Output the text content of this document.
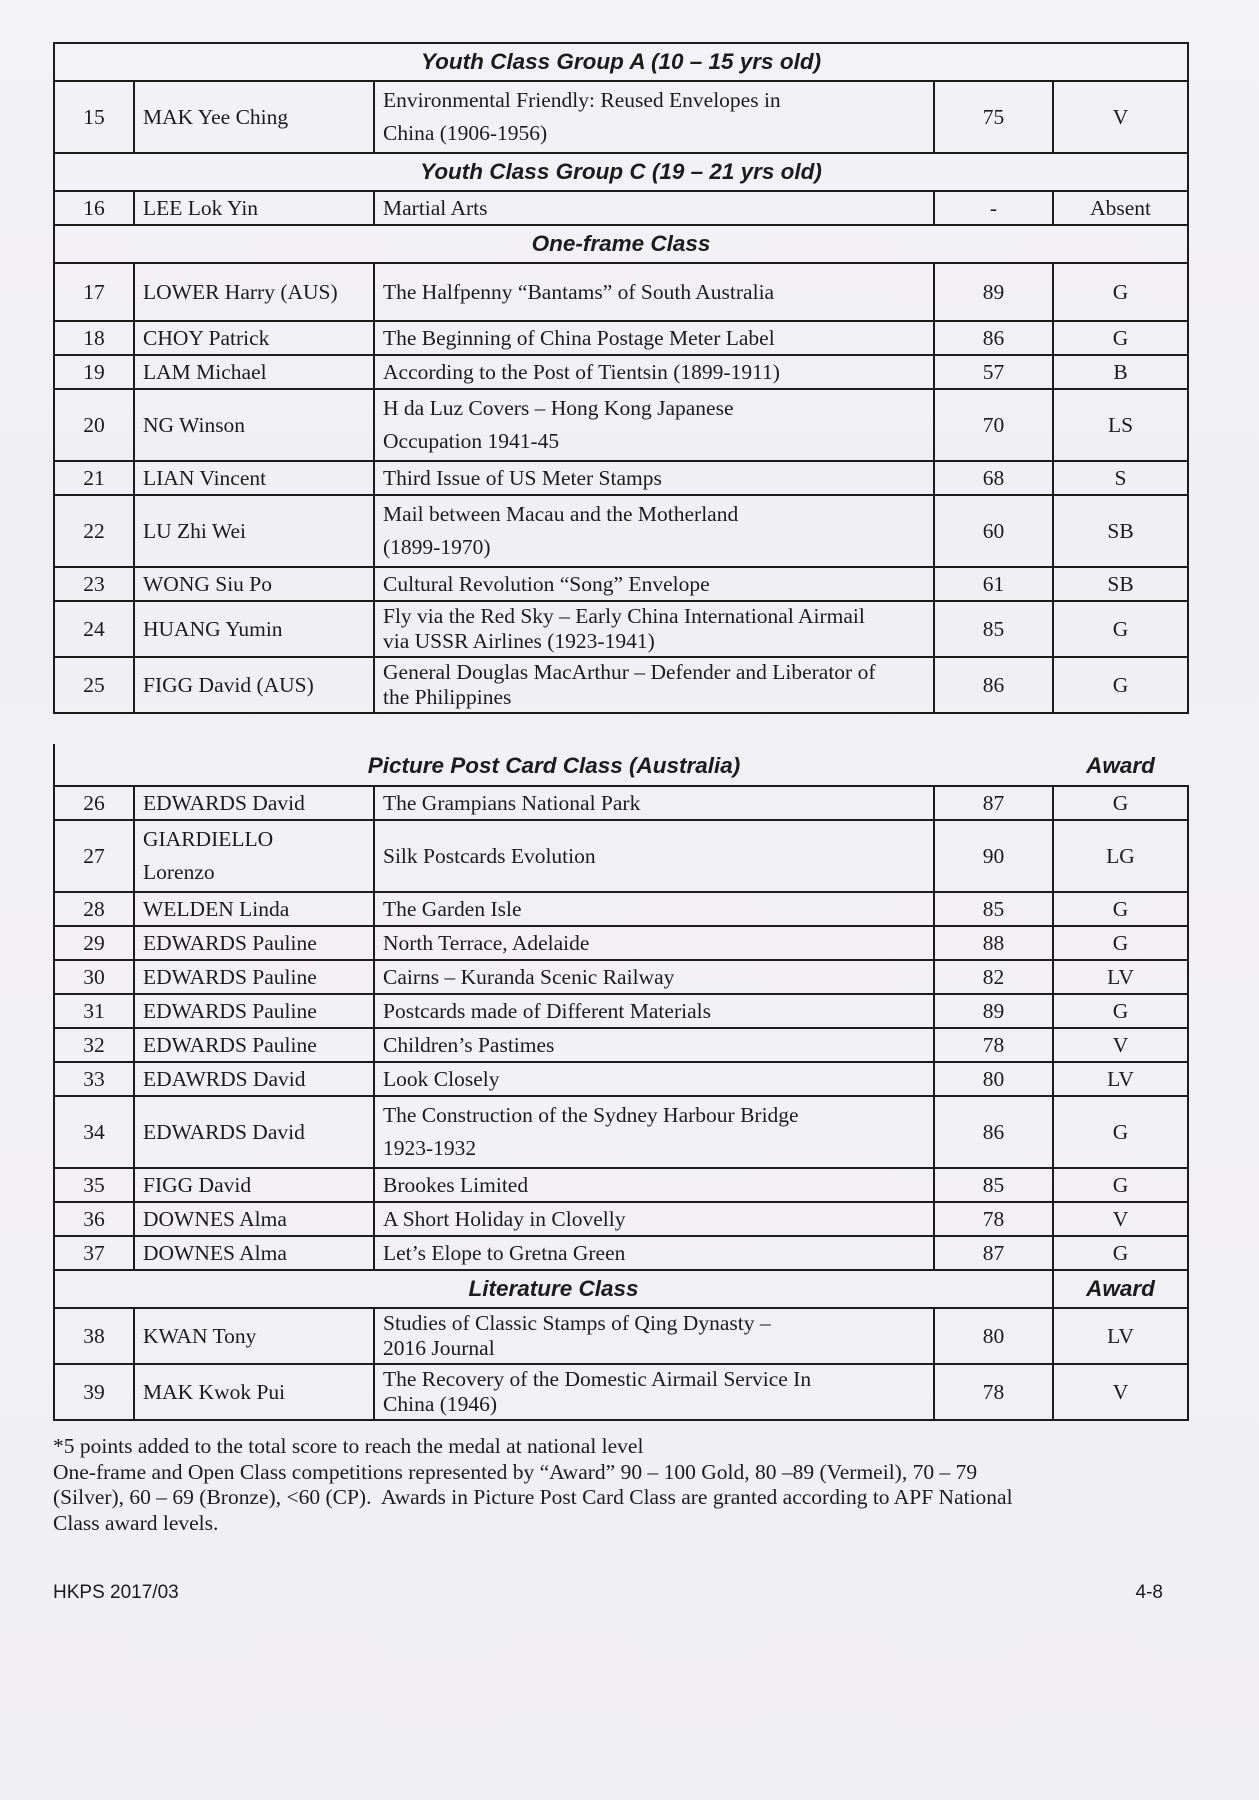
Youth Class Group A (10 – 15 yrs old)				

15	MAK Yee Ching	Environmental Friendly: Reused Envelopes in
China (1906-1956)	75	V

Youth Class Group C (19 – 21 yrs old)				

16	LEE Lok Yin	Martial Arts	-	Absent

One-frame Class				

17	LOWER Harry (AUS)	The Halfpenny “Bantams” of South Australia	89	G

18	CHOY Patrick	The Beginning of China Postage Meter Label	86	G

19	LAM Michael	According to the Post of Tientsin (1899-1911)	57	B

20	NG Winson	H da Luz Covers – Hong Kong Japanese
Occupation 1941-45	70	LS

21	LIAN Vincent	Third Issue of US Meter Stamps	68	S

22	LU Zhi Wei	Mail between Macau and the Motherland
(1899-1970)	60	SB

23	WONG Siu Po	Cultural Revolution “Song” Envelope	61	SB

24	HUANG Yumin	Fly via the Red Sky – Early China International Airmail
via USSR Airlines (1923-1941)	85	G

25	FIGG David (AUS)	General Douglas MacArthur – Defender and Liberator of
the Philippines	86	G
Picture Post Card Class (Australia)				Award

26	EDWARDS David	The Grampians National Park	87	G

27	GIARDIELLO
Lorenzo	Silk Postcards Evolution	90	LG

28	WELDEN Linda	The Garden Isle	85	G

29	EDWARDS Pauline	North Terrace, Adelaide	88	G

30	EDWARDS Pauline	Cairns – Kuranda Scenic Railway	82	LV

31	EDWARDS Pauline	Postcards made of Different Materials	89	G

32	EDWARDS Pauline	Children’s Pastimes	78	V

33	EDAWRDS David	Look Closely	80	LV

34	EDWARDS David	The Construction of the Sydney Harbour Bridge
1923-1932	86	G

35	FIGG David	Brookes Limited	85	G

36	DOWNES Alma	A Short Holiday in Clovelly	78	V

37	DOWNES Alma	Let’s Elope to Gretna Green	87	G

Literature Class				Award

38	KWAN Tony	Studies of Classic Stamps of Qing Dynasty –
2016 Journal	80	LV

39	MAK Kwok Pui	The Recovery of the Domestic Airmail Service In
China (1946)	78	V

*5 points added to the total score to reach the medal at national level

One-frame and Open Class competitions represented by “Award” 90 – 100 Gold, 80 –89 (Vermeil), 70 – 79
(Silver), 60 – 69 (Bronze), <60 (CP).  Awards in Picture Post Card Class are granted according to APF National
Class award levels.

HKPS 2017/03	4-8
